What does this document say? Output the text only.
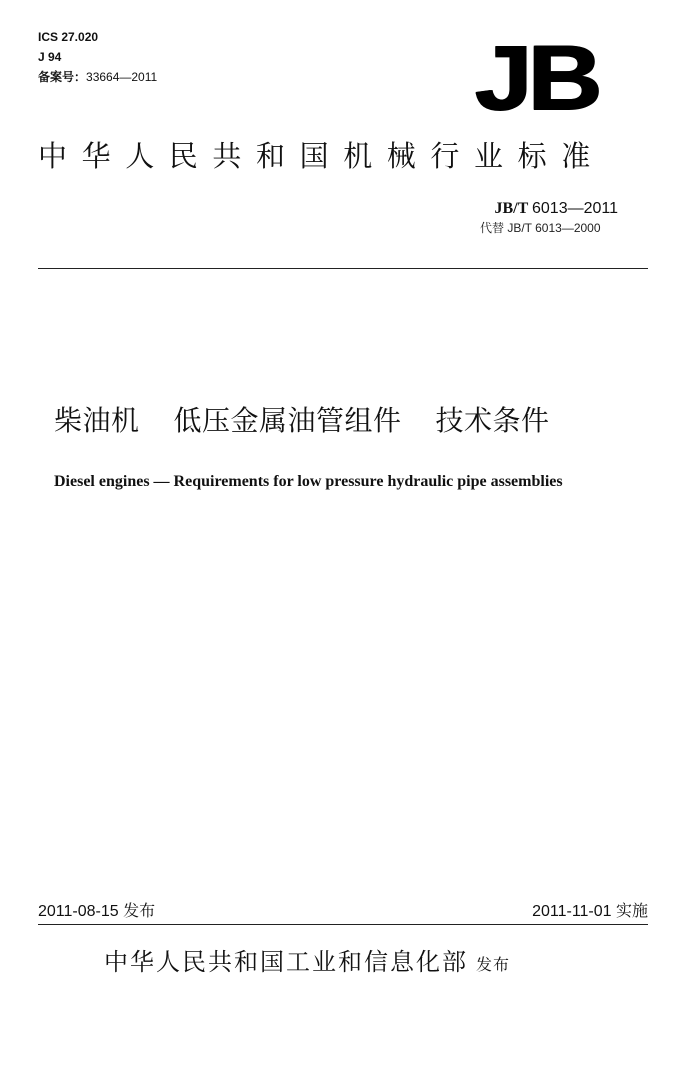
ICS 27.020
J 94
备案号：33664—2011	JB
中华人民共和国机械行业标准
JB/T 6013—2011
代替 JB/T 6013—2000
柴油机 低压金属油管组件 技术条件
Diesel engines — Requirements for low pressure hydraulic pipe assemblies
2011-08-15 发布	2011-11-01 实施
中华人民共和国工业和信息化部 发布
